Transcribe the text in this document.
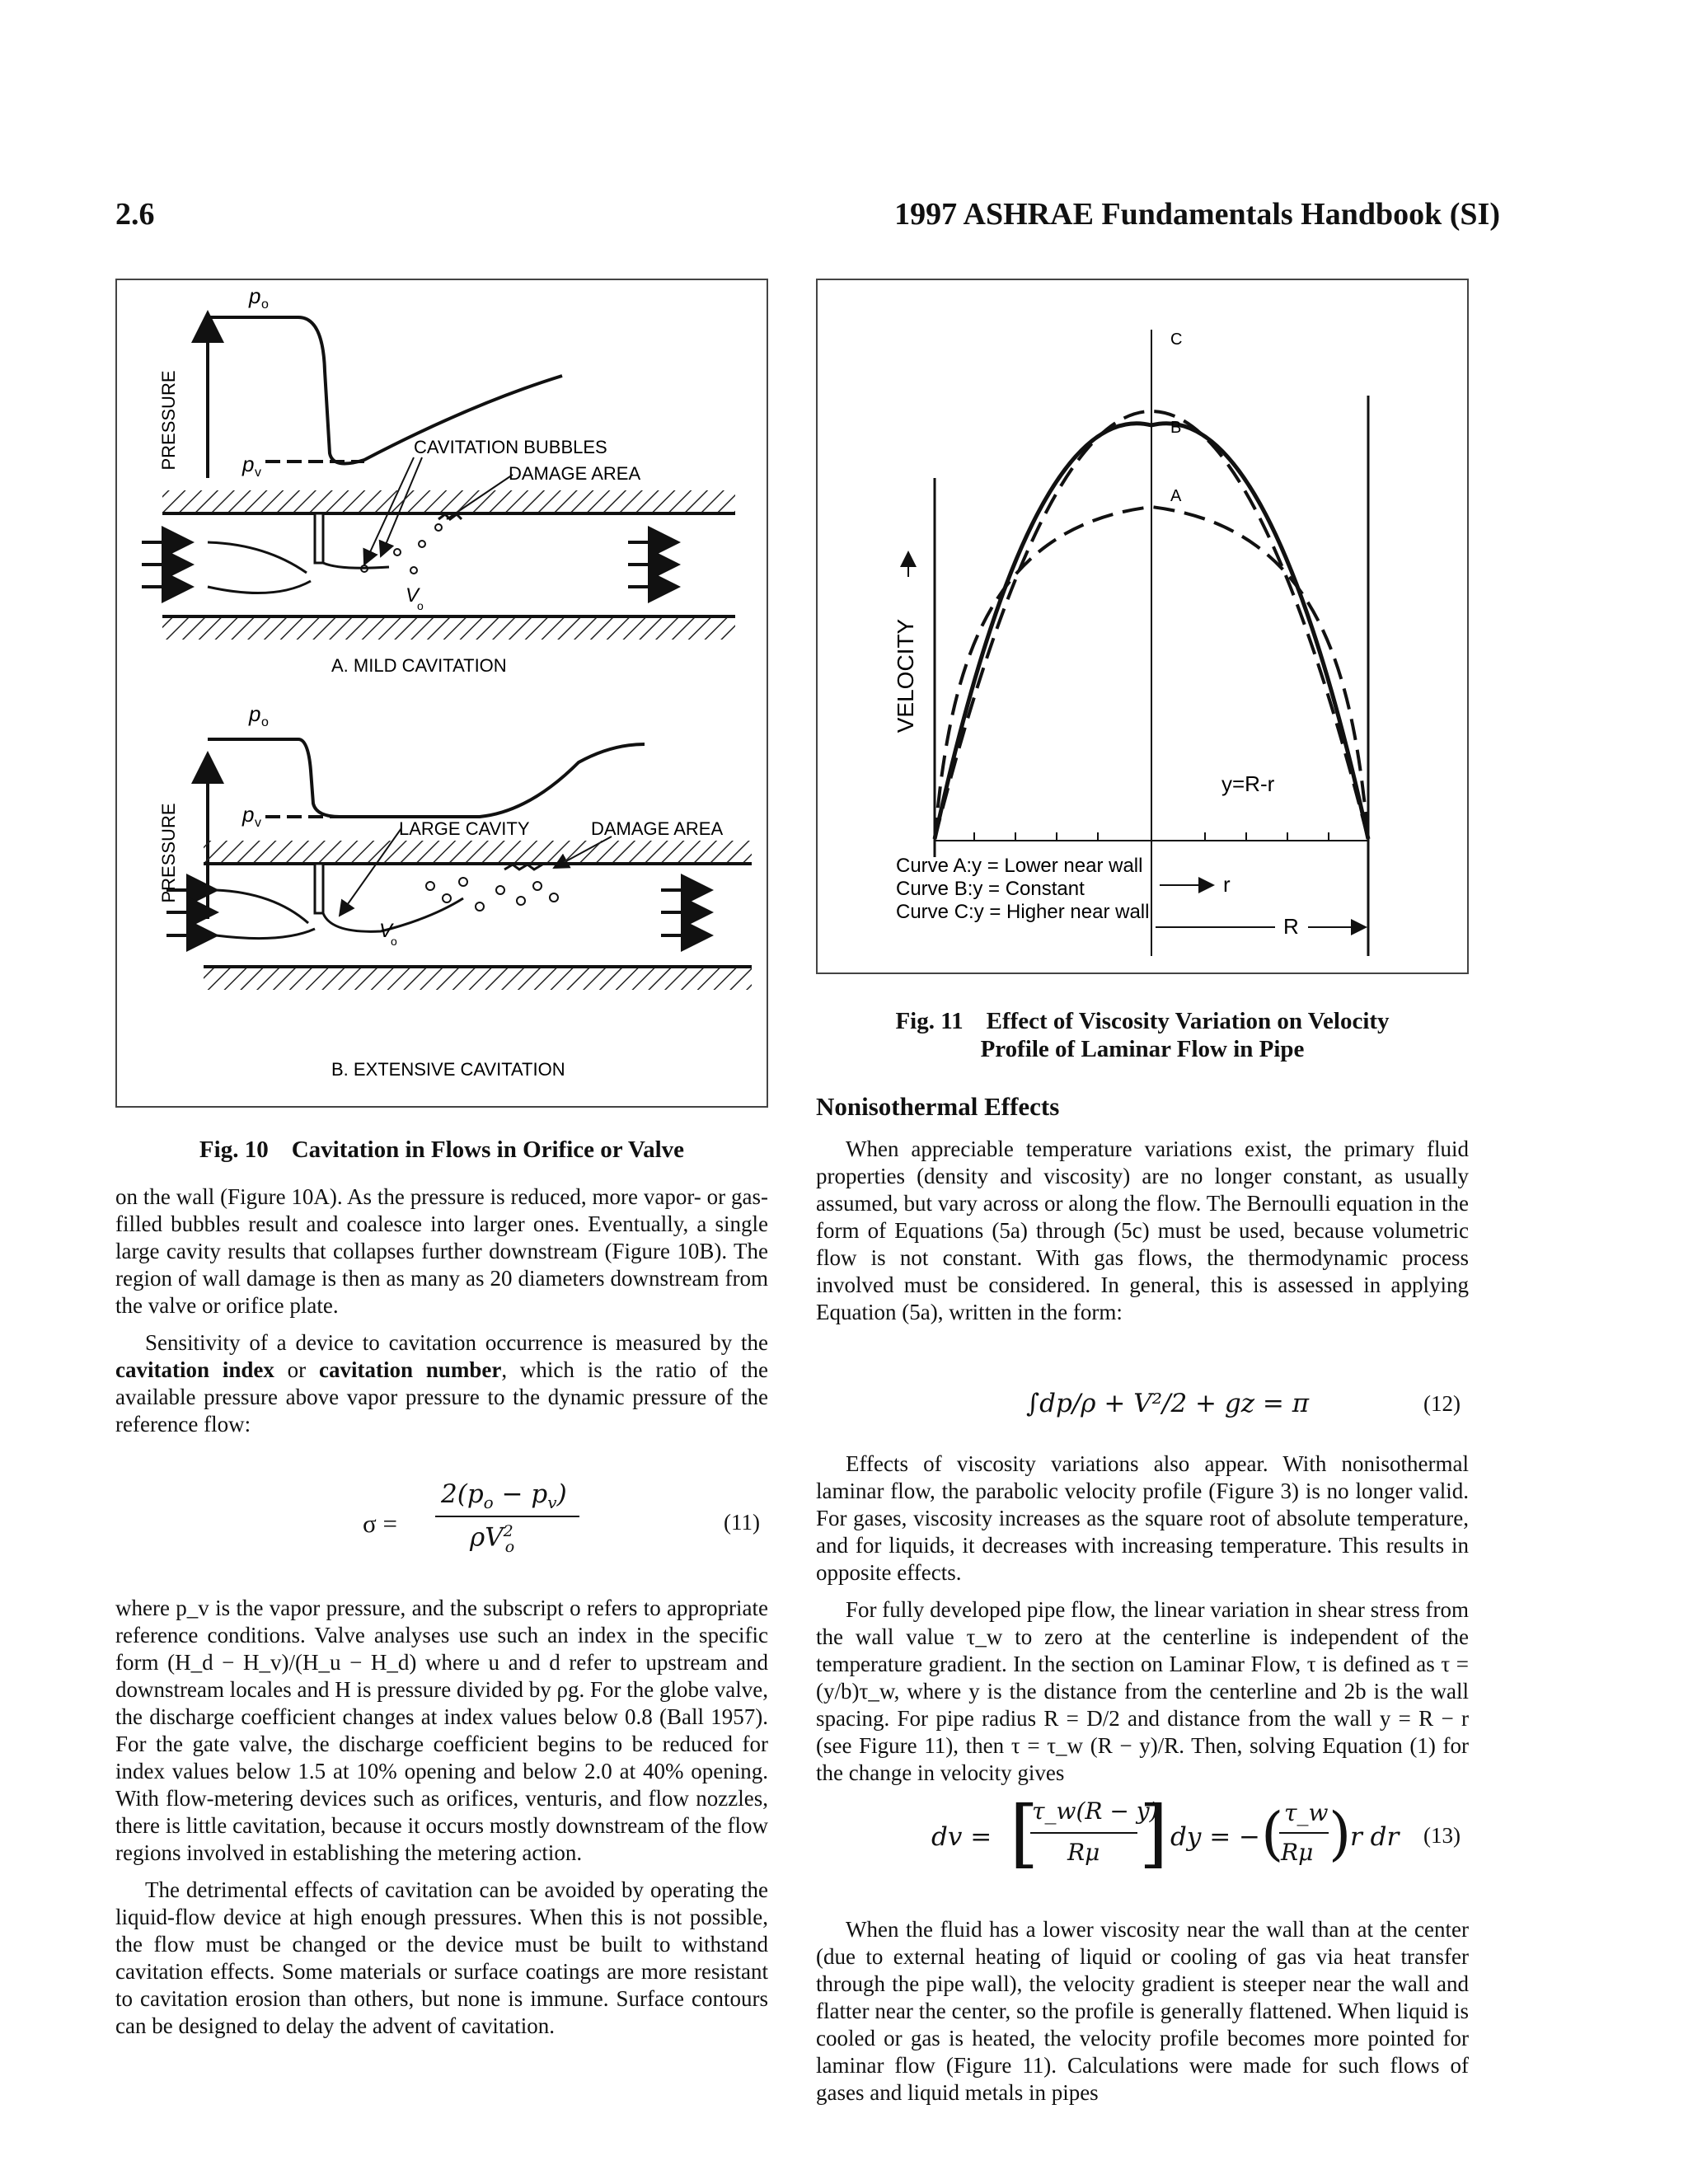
2.6	1997 ASHRAE Fundamentals Handbook (SI)
PRESSURE
p o
p v
CAVITATION BUBBLES
DAMAGE AREA
V
o
A. MILD CAVITATION
PRESSURE
p o
p v	LARGE CAVITY	DAMAGE AREA
V
o
B. EXTENSIVE CAVITATION
Fig. 10 Cavitation in Flows in Orifice or Valve
C
B
A
VELOCITY
y=R-r
Curve A:y = Lower near wall
Curve B:y = Constant
Curve C:y = Higher near wall
r
R
Fig. 11 Effect of Viscosity Variation on Velocity
Profile of Laminar Flow in Pipe
Nonisothermal Effects

on the wall (Figure 10A). As the pressure is reduced, more vapor- or gas-filled bubbles result and coalesce into larger ones. Eventually, a single large cavity results that collapses further downstream (Figure 10B). The region of wall damage is then as many as 20 diameters downstream from the valve or orifice plate.

Sensitivity of a device to cavitation occurrence is measured by the cavitation index or cavitation number, which is the ratio of the available pressure above vapor pressure to the dynamic pressure of the reference flow:

σ =
$2(p_o - p_v)$
$\rho V^2_o$
(11)

where p_v is the vapor pressure, and the subscript o refers to appropriate reference conditions. Valve analyses use such an index in the specific form (H_d − H_v)/(H_u − H_d) where u and d refer to upstream and downstream locales and H is pressure divided by ρg. For the globe valve, the discharge coefficient changes at index values below 0.8 (Ball 1957). For the gate valve, the discharge coefficient begins to be reduced for index values below 1.5 at 10% opening and below 2.0 at 40% opening. With flow-metering devices such as orifices, venturis, and flow nozzles, there is little cavitation, because it occurs mostly downstream of the flow regions involved in establishing the metering action.

The detrimental effects of cavitation can be avoided by operating the liquid-flow device at high enough pressures. When this is not possible, the flow must be changed or the device must be built to withstand cavitation effects. Some materials or surface coatings are more resistant to cavitation erosion than others, but none is immune. Surface contours can be designed to delay the advent of cavitation.

When appreciable temperature variations exist, the primary fluid properties (density and viscosity) are no longer constant, as usually assumed, but vary across or along the flow. The Bernoulli equation in the form of Equations (5a) through (5c) must be used, because volumetric flow is not constant. With gas flows, the thermodynamic process involved must be considered. In general, this is assessed in applying Equation (5a), written in the form:

∫dp/ρ + V²/2 + gz = π	(12)

Effects of viscosity variations also appear. With nonisothermal laminar flow, the parabolic velocity profile (Figure 3) is no longer valid. For gases, viscosity increases as the square root of absolute temperature, and for liquids, it decreases with increasing temperature. This results in opposite effects.

For fully developed pipe flow, the linear variation in shear stress from the wall value τ_w to zero at the centerline is independent of the temperature gradient. In the section on Laminar Flow, τ is defined as τ = (y/b)τ_w, where y is the distance from the centerline and 2b is the wall spacing. For pipe radius R = D/2 and distance from the wall y = R − r (see Figure 11), then τ = τ_w (R − y)/R. Then, solving Equation (1) for the change in velocity gives

dv = [
τ_w(R − y)
Rμ ] dy = − ( τ_w
Rμ )
r dr (13)

When the fluid has a lower viscosity near the wall than at the center (due to external heating of liquid or cooling of gas via heat transfer through the pipe wall), the velocity gradient is steeper near the wall and flatter near the center, so the profile is generally flattened. When liquid is cooled or gas is heated, the velocity profile becomes more pointed for laminar flow (Figure 11). Calculations were made for such flows of gases and liquid metals in pipes
